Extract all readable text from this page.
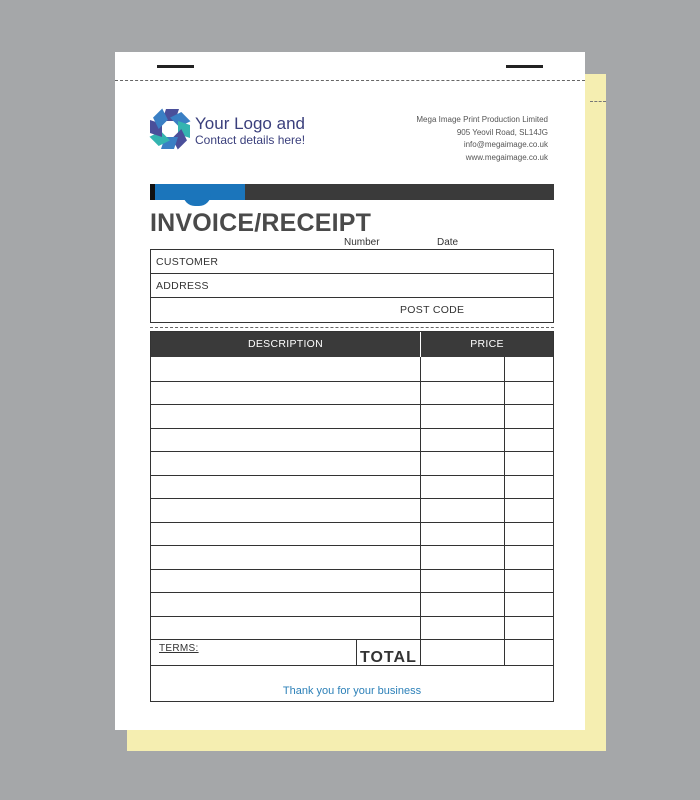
Your Logo and
Contact details here!
Mega Image Print Production Limited
905 Yeovil Road, SL14JG
info@megaimage.co.uk
www.megaimage.co.uk
INVOICE/RECEIPT
Number	Date
CUSTOMER
ADDRESS
POST CODE
DESCRIPTION	PRICE
TERMS:
TOTAL
Thank you for your business
